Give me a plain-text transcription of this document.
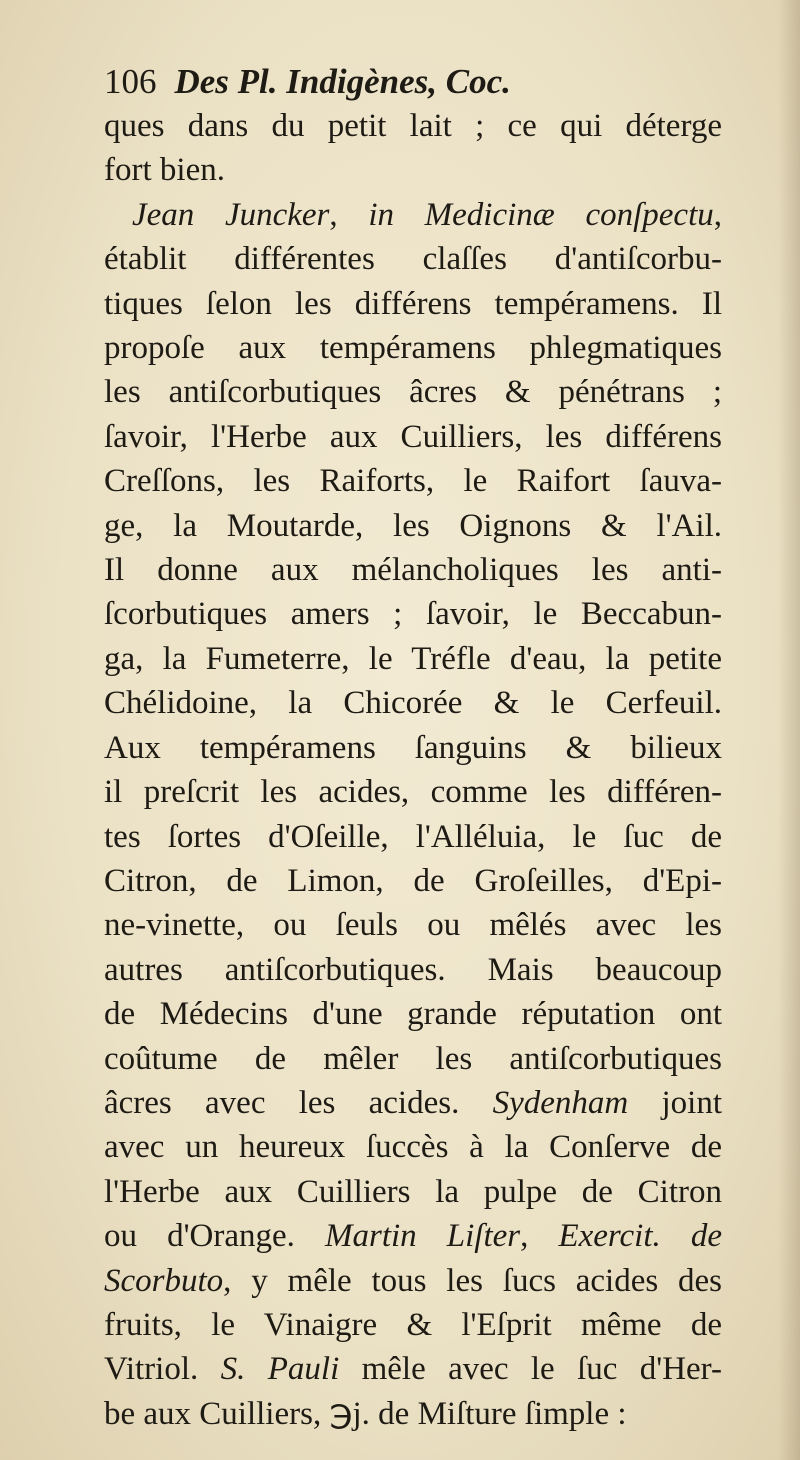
106 Des Pl. Indigènes, Coc.
ques dans du petit lait ; ce qui déterge
fort bien.
Jean Juncker, in Medicinæ conſpectu,
établit différentes claſſes d'antiſcorbu-
tiques ſelon les différens tempéramens. Il
propoſe aux tempéramens phlegmatiques
les antiſcorbutiques âcres & pénétrans ;
ſavoir, l'Herbe aux Cuilliers, les différens
Creſſons, les Raiforts, le Raifort ſauva-
ge, la Moutarde, les Oignons & l'Ail.
Il donne aux mélancholiques les anti-
ſcorbutiques amers ; ſavoir, le Beccabun-
ga, la Fumeterre, le Tréfle d'eau, la petite
Chélidoine, la Chicorée & le Cerfeuil.
Aux tempéramens ſanguins & bilieux
il preſcrit les acides, comme les différen-
tes ſortes d'Oſeille, l'Alléluia, le ſuc de
Citron, de Limon, de Groſeilles, d'Epi-
ne-vinette, ou ſeuls ou mêlés avec les
autres antiſcorbutiques. Mais beaucoup
de Médecins d'une grande réputation ont
coûtume de mêler les antiſcorbutiques
âcres avec les acides. Sydenham joint
avec un heureux ſuccès à la Conſerve de
l'Herbe aux Cuilliers la pulpe de Citron
ou d'Orange. Martin Liſter, Exercit. de
Scorbuto, y mêle tous les ſucs acides des
fruits, le Vinaigre & l'Eſprit même de
Vitriol. S. Pauli mêle avec le ſuc d'Her-
be aux Cuilliers, ℈j. de Miſture ſimple :
